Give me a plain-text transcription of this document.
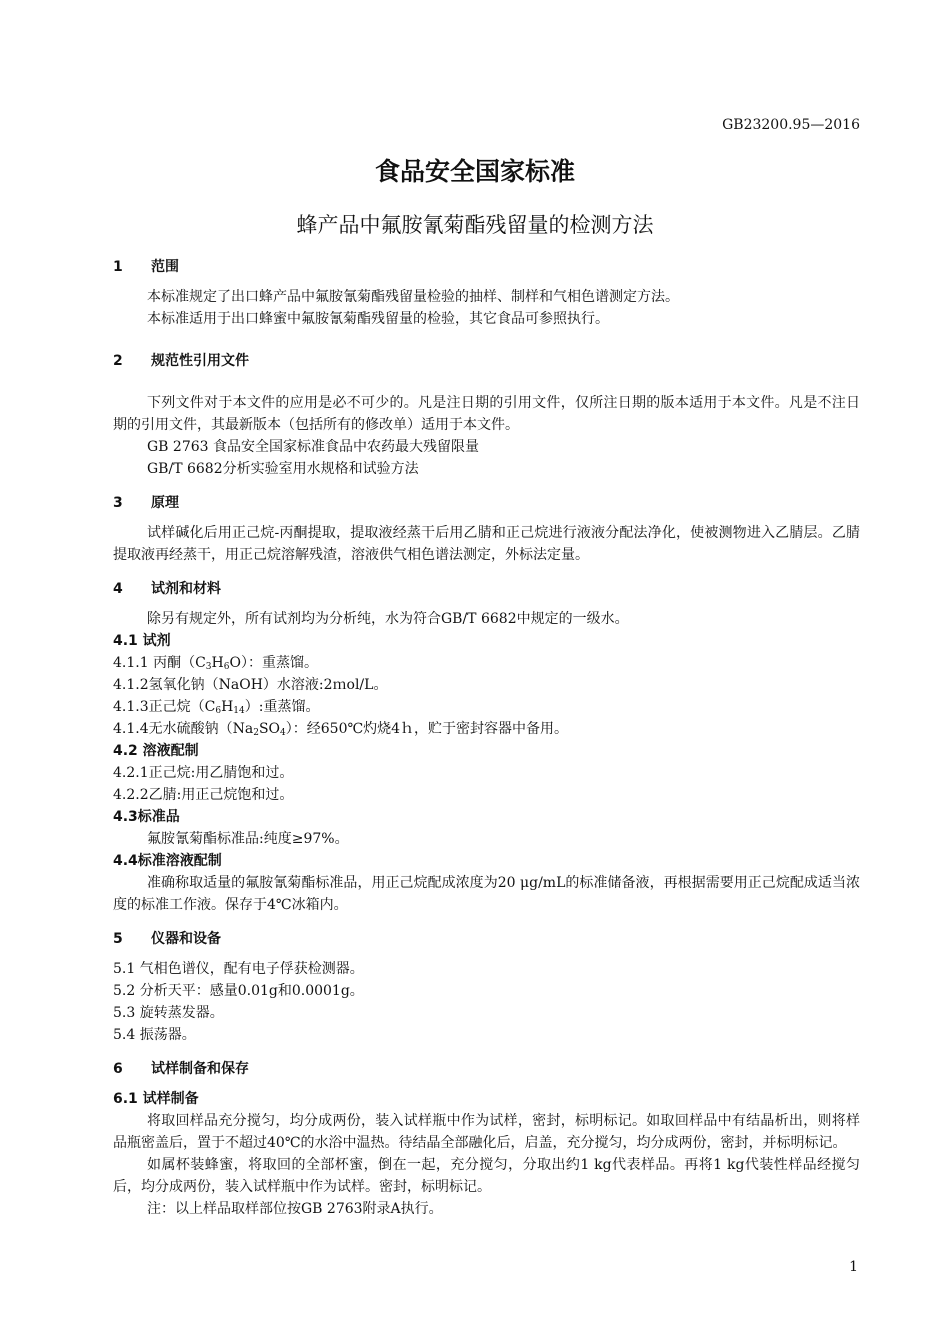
GB23200.95—2016
食品安全国家标准
蜂产品中氟胺氰菊酯残留量的检测方法
1	范围
本标准规定了出口蜂产品中氟胺氰菊酯残留量检验的抽样、制样和气相色谱测定方法。
本标准适用于出口蜂蜜中氟胺氰菊酯残留量的检验，其它食品可参照执行。
2	规范性引用文件
下列文件对于本文件的应用是必不可少的。凡是注日期的引用文件，仅所注日期的版本适用于本文件。凡是不注日期的引用文件，其最新版本（包括所有的修改单）适用于本文件。
GB 2763 食品安全国家标准食品中农药最大残留限量
GB/T 6682分析实验室用水规格和试验方法
3	原理
试样碱化后用正己烷-丙酮提取，提取液经蒸干后用乙腈和正己烷进行液液分配法净化，使被测物进入乙腈层。乙腈提取液再经蒸干，用正己烷溶解残渣，溶液供气相色谱法测定，外标法定量。
4	试剂和材料
除另有规定外，所有试剂均为分析纯，水为符合GB/T 6682中规定的一级水。
4.1 试剂
4.1.1 丙酮$(C_3H_6O)$：重蒸馏。
4.1.2氢氧化钠（NaOH）水溶液:2ｍol/L。
4.1.3正己烷$(C_6H_{14})$:重蒸馏。
4.1.4无水硫酸钠$(Na_2SO_4)$：经650℃灼烧4ｈ，贮于密封容器中备用。
4.2 溶液配制
4.2.1正己烷:用乙腈饱和过。
4.2.2乙腈:用正己烷饱和过。
4.3标准品
氟胺氰菊酯标准品:纯度≥97%。
4.4标准溶液配制
准确称取适量的氟胺氰菊酯标准品，用正己烷配成浓度为20 μg/mL的标准储备液，再根据需要用正己烷配成适当浓度的标准工作液。保存于4℃冰箱内。
5	仪器和设备
5.1 气相色谱仪，配有电子俘获检测器。
5.2 分析天平：感量0.01g和0.0001g。
5.3 旋转蒸发器。
5.4 振荡器。
6	试样制备和保存
6.1 试样制备
将取回样品充分搅匀，均分成两份，装入试样瓶中作为试样，密封，标明标记。如取回样品中有结晶析出，则将样品瓶密盖后，置于不超过40℃的水浴中温热。待结晶全部融化后，启盖，充分搅匀，均分成两份，密封，并标明标记。
如属杯装蜂蜜，将取回的全部杯蜜，倒在一起，充分搅匀，分取出约1 kg代表样品。再将1 kg代装性样品经搅匀后，均分成两份，装入试样瓶中作为试样。密封，标明标记。
注：以上样品取样部位按GB 2763附录A执行。
1
